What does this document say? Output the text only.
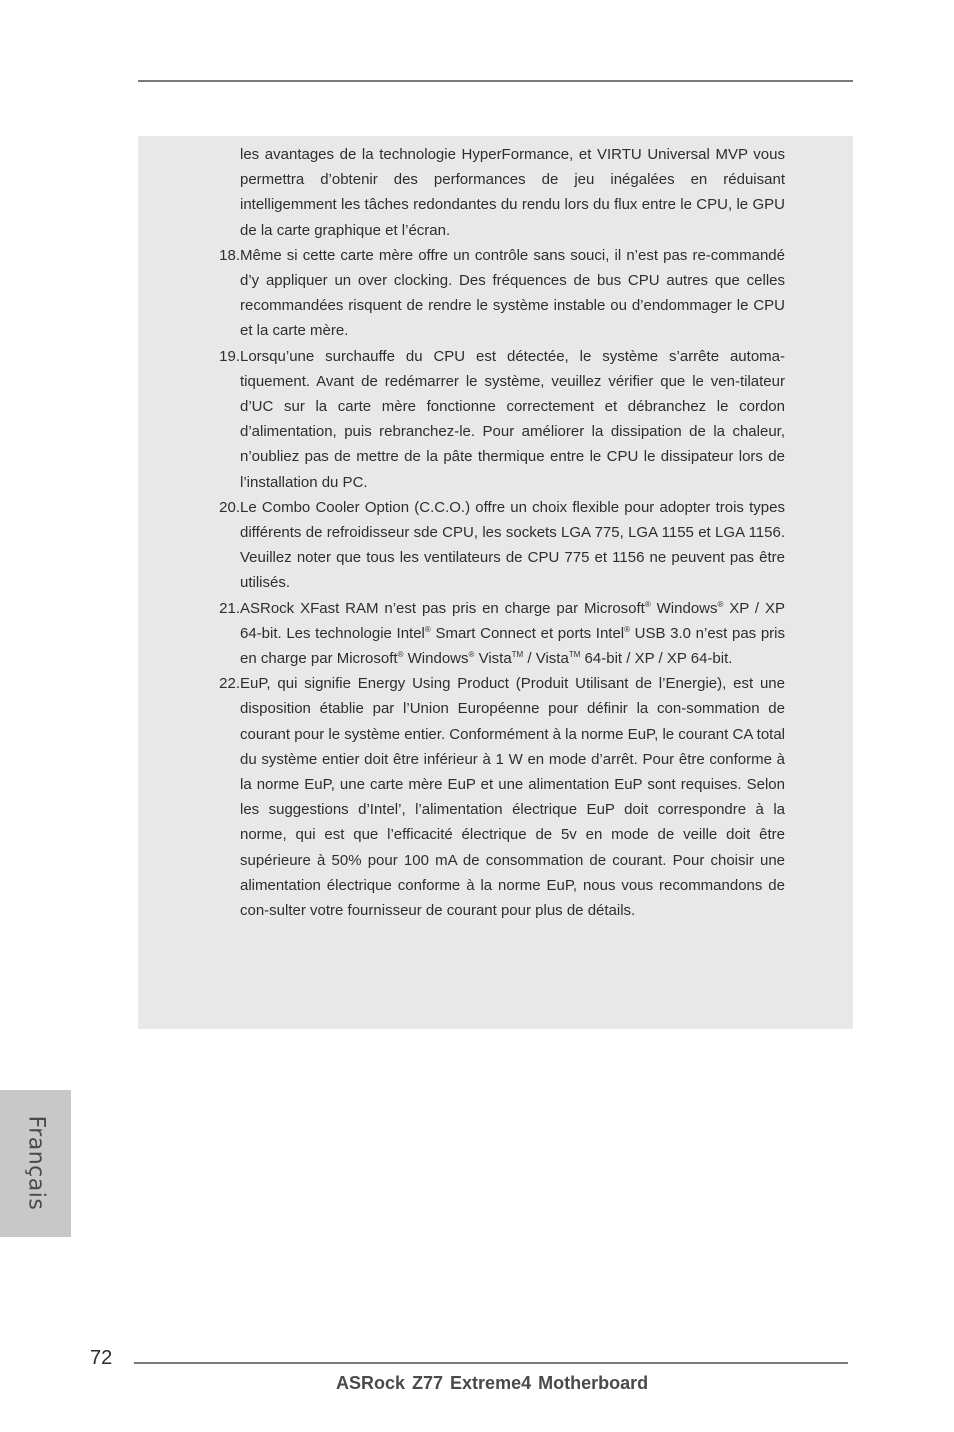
les avantages de la technologie HyperFormance, et VIRTU Universal MVP vous permettra d’obtenir des performances de jeu inégalées en réduisant intelligemment les tâches redondantes du rendu lors du flux entre le CPU, le GPU de la carte graphique et l’écran.
18. Même si cette carte mère offre un contrôle sans souci, il n’est pas re-commandé d’y appliquer un over clocking. Des fréquences de bus CPU autres que celles recommandées risquent de rendre le système instable ou d’endommager le CPU et la carte mère.
19. Lorsqu’une surchauffe du CPU est détectée, le système s’arrête automa-tiquement. Avant de redémarrer le système, veuillez vérifier que le ven-tilateur d’UC sur la carte mère fonctionne correctement et débranchez le cordon d’alimentation, puis rebranchez-le. Pour améliorer la dissipation de la chaleur, n’oubliez pas de mettre de la pâte thermique entre le CPU le dissipateur lors de l’installation du PC.
20. Le Combo Cooler Option (C.C.O.) offre un choix flexible pour adopter trois types différents de refroidisseur sde CPU, les sockets LGA 775, LGA 1155 et LGA 1156. Veuillez noter que tous les ventilateurs de CPU 775 et 1156 ne peuvent pas être utilisés.
21. ASRock XFast RAM n’est pas pris en charge par Microsoft® Windows® XP / XP 64-bit. Les technologie Intel® Smart Connect et ports Intel® USB 3.0 n’est pas pris en charge par Microsoft® Windows® Vista™ / Vista™ 64-bit / XP / XP 64-bit.
22. EuP, qui signifie Energy Using Product (Produit Utilisant de l’Energie), est une disposition établie par l’Union Européenne pour définir la con-sommation de courant pour le système entier. Conformément à la norme EuP, le courant CA total du système entier doit être inférieur à 1 W en mode d’arrêt. Pour être conforme à la norme EuP, une carte mère EuP et une alimentation EuP sont requises. Selon les suggestions d’Intel’, l’alimentation électrique EuP doit correspondre à la norme, qui est que l’efficacité électrique de 5v en mode de veille doit être supérieure à 50% pour 100 mA de consommation de courant. Pour choisir une alimentation électrique conforme à la norme EuP, nous vous recommandons de con-sulter votre fournisseur de courant pour plus de détails.
Français
72
ASRock Z77 Extreme4 Motherboard
